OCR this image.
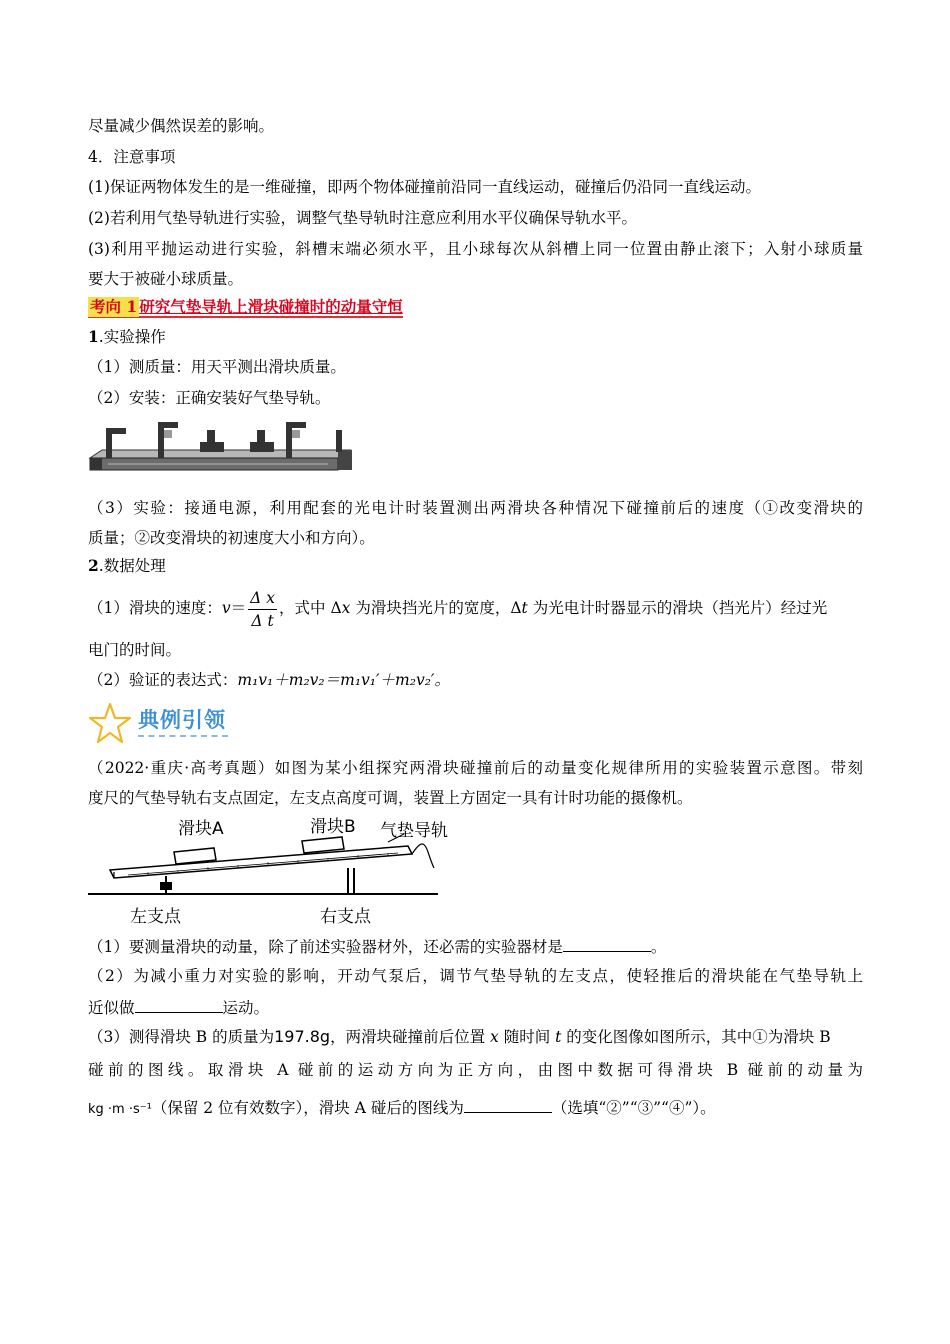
尽量减少偶然误差的影响。
4．注意事项
(1)保证两物体发生的是一维碰撞，即两个物体碰撞前沿同一直线运动，碰撞后仍沿同一直线运动。
(2)若利用气垫导轨进行实验，调整气垫导轨时注意应利用水平仪确保导轨水平。
(3)利用平抛运动进行实验，斜槽末端必须水平，且小球每次从斜槽上同一位置由静止滚下；入射小球质量
要大于被碰小球质量。
考向 1 研究气垫导轨上滑块碰撞时的动量守恒
1.实验操作
（1）测质量：用天平测出滑块质量。
（2）安装：正确安装好气垫导轨。
（3）实验：接通电源，利用配套的光电计时装置测出两滑块各种情况下碰撞前后的速度（①改变滑块的
质量；②改变滑块的初速度大小和方向）。
2.数据处理
（1）滑块的速度：$v= \frac{\text{Δ x}}{\text{Δ t}}$ ，式中 Δx 为滑块挡光片的宽度，Δt 为光电计时器显示的滑块（挡光片）经过光
电门的时间。
（2）验证的表达式：m₁v₁＋m₂v₂＝m₁v₁′＋m₂v₂′。
典例引领
（2022·重庆·高考真题）如图为某小组探究两滑块碰撞前后的动量变化规律所用的实验装置示意图。带刻
度尺的气垫导轨右支点固定，左支点高度可调，装置上方固定一具有计时功能的摄像机。
滑块A	滑块B 气垫导轨
左支点	右支点
（1）要测量滑块的动量，除了前述实验器材外，还必需的实验器材是	。
（2）为减小重力对实验的影响，开动气泵后，调节气垫导轨的左支点，使轻推后的滑块能在气垫导轨上
近似做	运动。
（3）测得滑块 B 的质量为197.8g，两滑块碰撞前后位置 x 随时间 t 的变化图像如图所示，其中①为滑块 B
碰前的图线。取滑块 A 碰前的运动方向为正方向，由图中数据可得滑块 B 碰前的动量为
kg ·m ·s⁻¹（保留 2 位有效数字），滑块 A 碰后的图线为	（选填“②”“③”“④”）。
